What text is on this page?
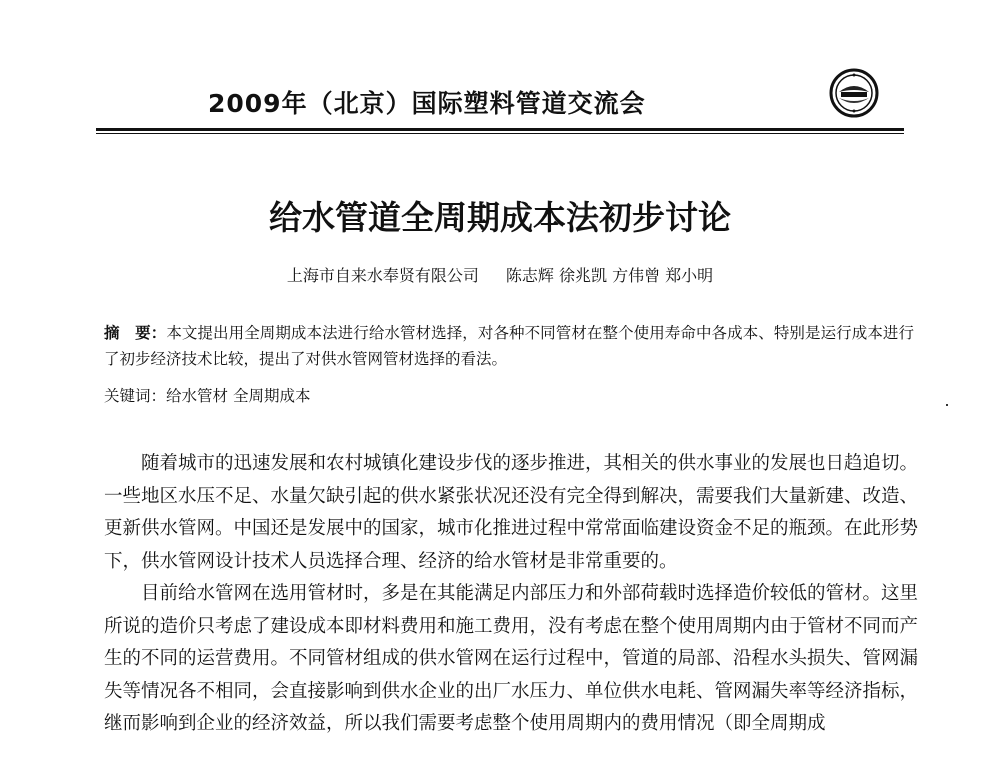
2009年（北京）国际塑料管道交流会
给水管道全周期成本法初步讨论
上海市自来水奉贤有限公司 陈志辉 徐兆凯 方伟曾 郑小明
摘　要：本文提出用全周期成本法进行给水管材选择，对各种不同管材在整个使用寿命中各成本、特别是运行成本进行了初步经济技术比较，提出了对供水管网管材选择的看法。
关键词：给水管材 全周期成本

随着城市的迅速发展和农村城镇化建设步伐的逐步推进，其相关的供水事业的发展也日趋追切。一些地区水压不足、水量欠缺引起的供水紧张状况还没有完全得到解决，需要我们大量新建、改造、更新供水管网。中国还是发展中的国家，城市化推进过程中常常面临建设资金不足的瓶颈。在此形势下，供水管网设计技术人员选择合理、经济的给水管材是非常重要的。

目前给水管网在选用管材时，多是在其能满足内部压力和外部荷载时选择造价较低的管材。这里所说的造价只考虑了建设成本即材料费用和施工费用，没有考虑在整个使用周期内由于管材不同而产生的不同的运营费用。不同管材组成的供水管网在运行过程中，管道的局部、沿程水头损失、管网漏失等情况各不相同，会直接影响到供水企业的出厂水压力、单位供水电耗、管网漏失率等经济指标，继而影响到企业的经济效益，所以我们需要考虑整个使用周期内的费用情况（即全周期成
